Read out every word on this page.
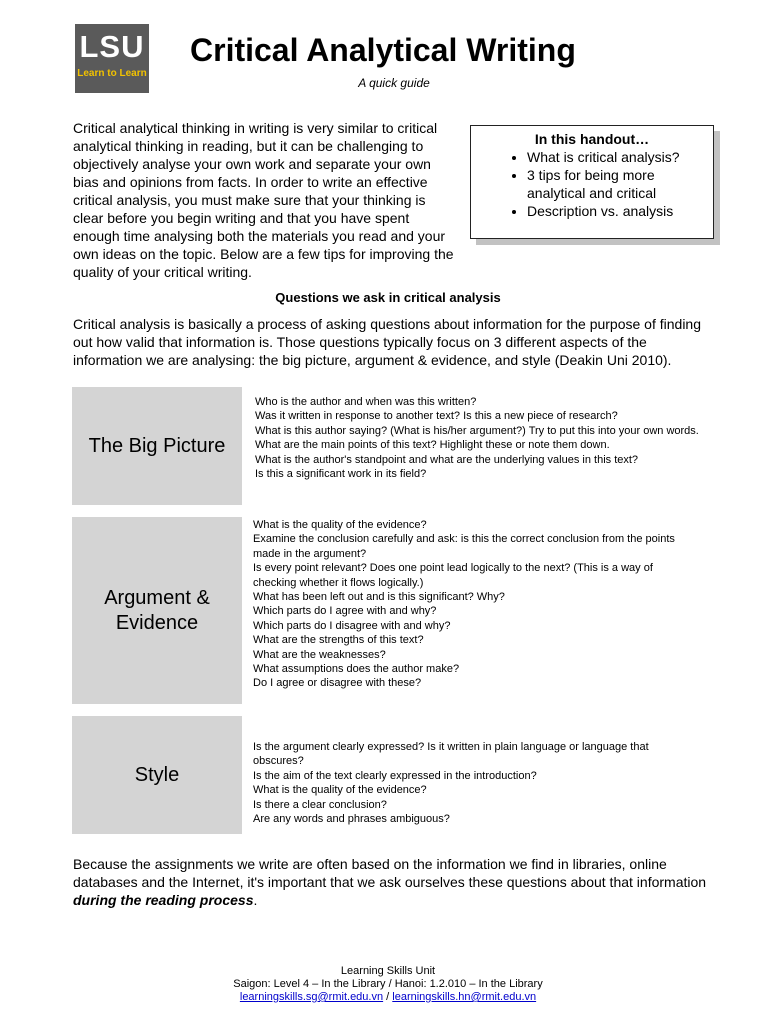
LSU
Learn to Learn
Critical Analytical Writing
A quick guide

Critical analytical thinking in writing is very similar to critical analytical thinking in reading, but it can be challenging to objectively analyse your own work and separate your own bias and opinions from facts. In order to write an effective critical analysis, you must make sure that your thinking is clear before you begin writing and that you have spent enough time analysing both the materials you read and your own ideas on the topic. Below are a few tips for improving the quality of your critical writing.

In this handout…
• What is critical analysis?
• 3 tips for being more analytical and critical
• Description vs. analysis
Questions we ask in critical analysis

Critical analysis is basically a process of asking questions about information for the purpose of finding out how valid that information is. Those questions typically focus on 3 different aspects of the information we are analysing: the big picture, argument & evidence, and style (Deakin Uni 2010).

The Big Picture
Who is the author and when was this written?
Was it written in response to another text? Is this a new piece of research?
What is this author saying? (What is his/her argument?) Try to put this into your own words.
What are the main points of this text? Highlight these or note them down.
What is the author's standpoint and what are the underlying values in this text?
Is this a significant work in its field?
Argument &
Evidence
What is the quality of the evidence?
Examine the conclusion carefully and ask: is this the correct conclusion from the points made in the argument?
Is every point relevant? Does one point lead logically to the next? (This is a way of checking whether it flows logically.)
What has been left out and is this significant? Why?
Which parts do I agree with and why?
Which parts do I disagree with and why?
What are the strengths of this text?
What are the weaknesses?
What assumptions does the author make?
Do I agree or disagree with these?
Style
Is the argument clearly expressed? Is it written in plain language or language that obscures?
Is the aim of the text clearly expressed in the introduction?
What is the quality of the evidence?
Is there a clear conclusion?
Are any words and phrases ambiguous?

Because the assignments we write are often based on the information we find in libraries, online databases and the Internet, it's important that we ask ourselves these questions about that information during the reading process.

Learning Skills Unit
Saigon: Level 4 – In the Library / Hanoi: 1.2.010 – In the Library
learningskills.sg@rmit.edu.vn / learningskills.hn@rmit.edu.vn
